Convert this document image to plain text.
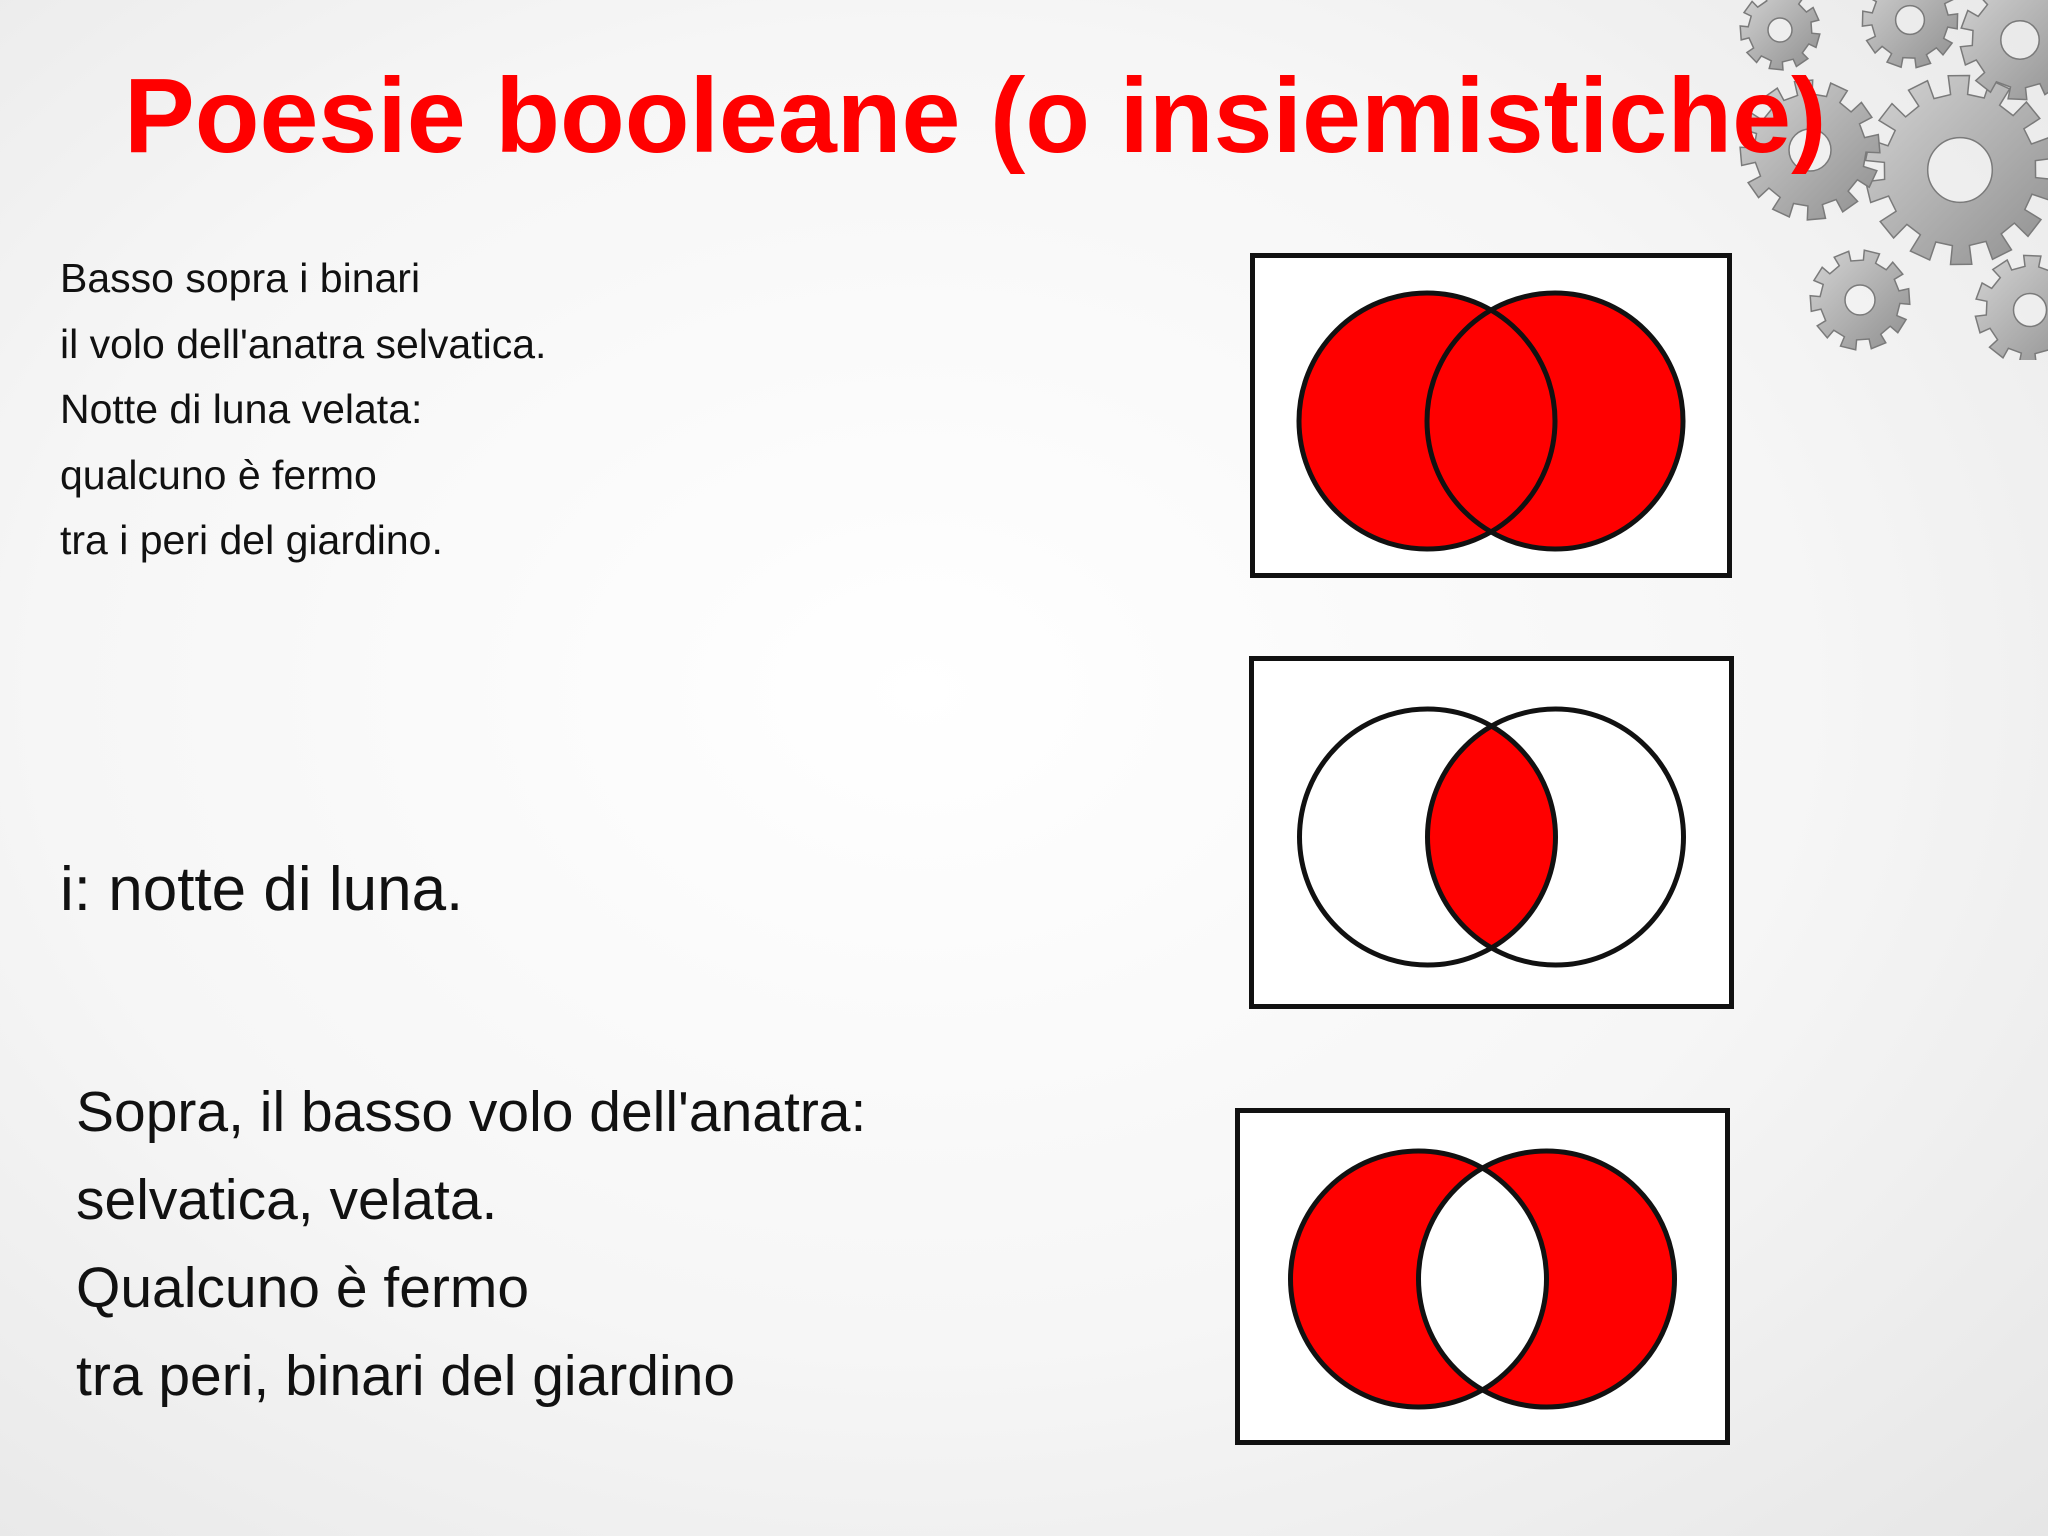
Poesie booleane (o insiemistiche)
Basso sopra i binari
il volo dell'anatra selvatica.
Notte di luna velata:
qualcuno è fermo
tra i peri del giardino.
i: notte di luna.
Sopra, il basso volo dell'anatra:
selvatica, velata.
Qualcuno è fermo
tra peri, binari del giardino
